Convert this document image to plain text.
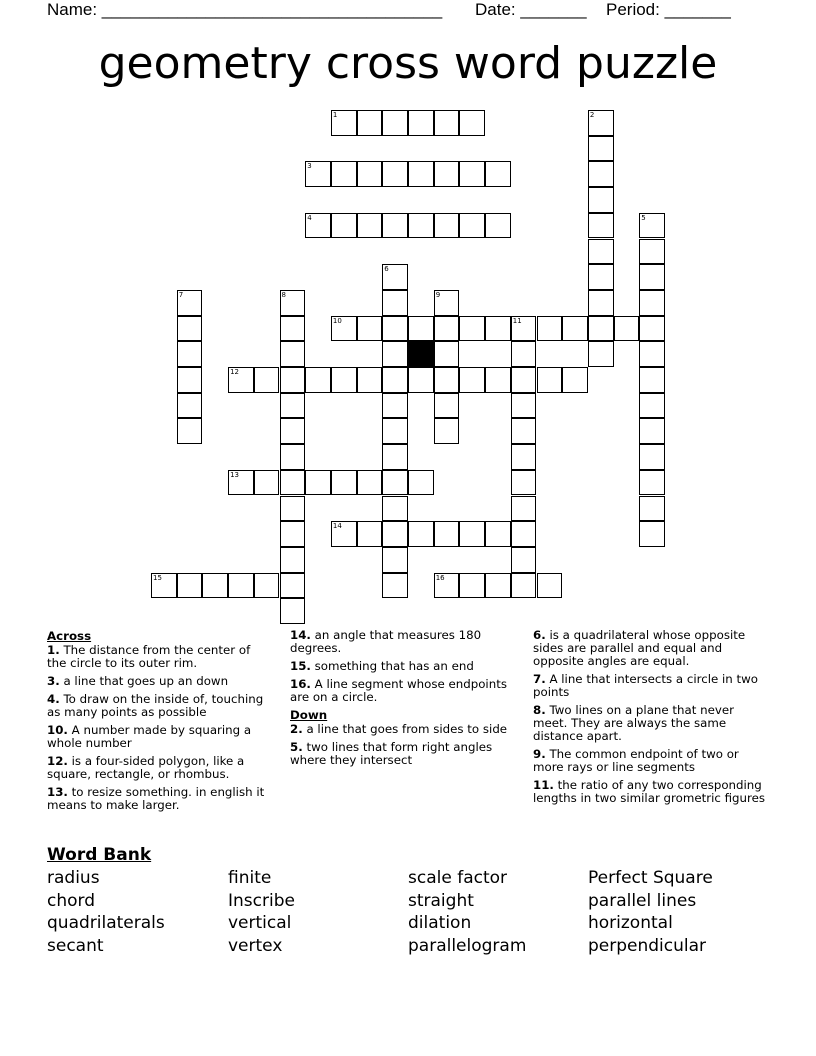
Name: ____________________________________ Date: _______ Period: _______
geometry cross word puzzle
1	2
3
4	5
6
7	8	9
10	11
12
13
14
15	16
Across
1. The distance from the center of the circle to its outer rim.
3. a line that goes up an down
4. To draw on the inside of, touching as many points as possible
10. A number made by squaring a whole number
12. is a four-sided polygon, like a square, rectangle, or rhombus.
13. to resize something. in english it means to make larger.
14. an angle that measures 180 degrees.
15. something that has an end
16. A line segment whose endpoints are on a circle.
Down
2. a line that goes from sides to side
5. two lines that form right angles where they intersect
6. is a quadrilateral whose opposite sides are parallel and equal and opposite angles are equal.
7. A line that intersects a circle in two points
8. Two lines on a plane that never meet. They are always the same distance apart.
9. The common endpoint of two or more rays or line segments
11. the ratio of any two corresponding lengths in two similar grometric figures
Word Bank
radius
chord
quadrilaterals
secant
finite
Inscribe
vertical
vertex
scale factor
straight
dilation
parallelogram
Perfect Square
parallel lines
horizontal
perpendicular
